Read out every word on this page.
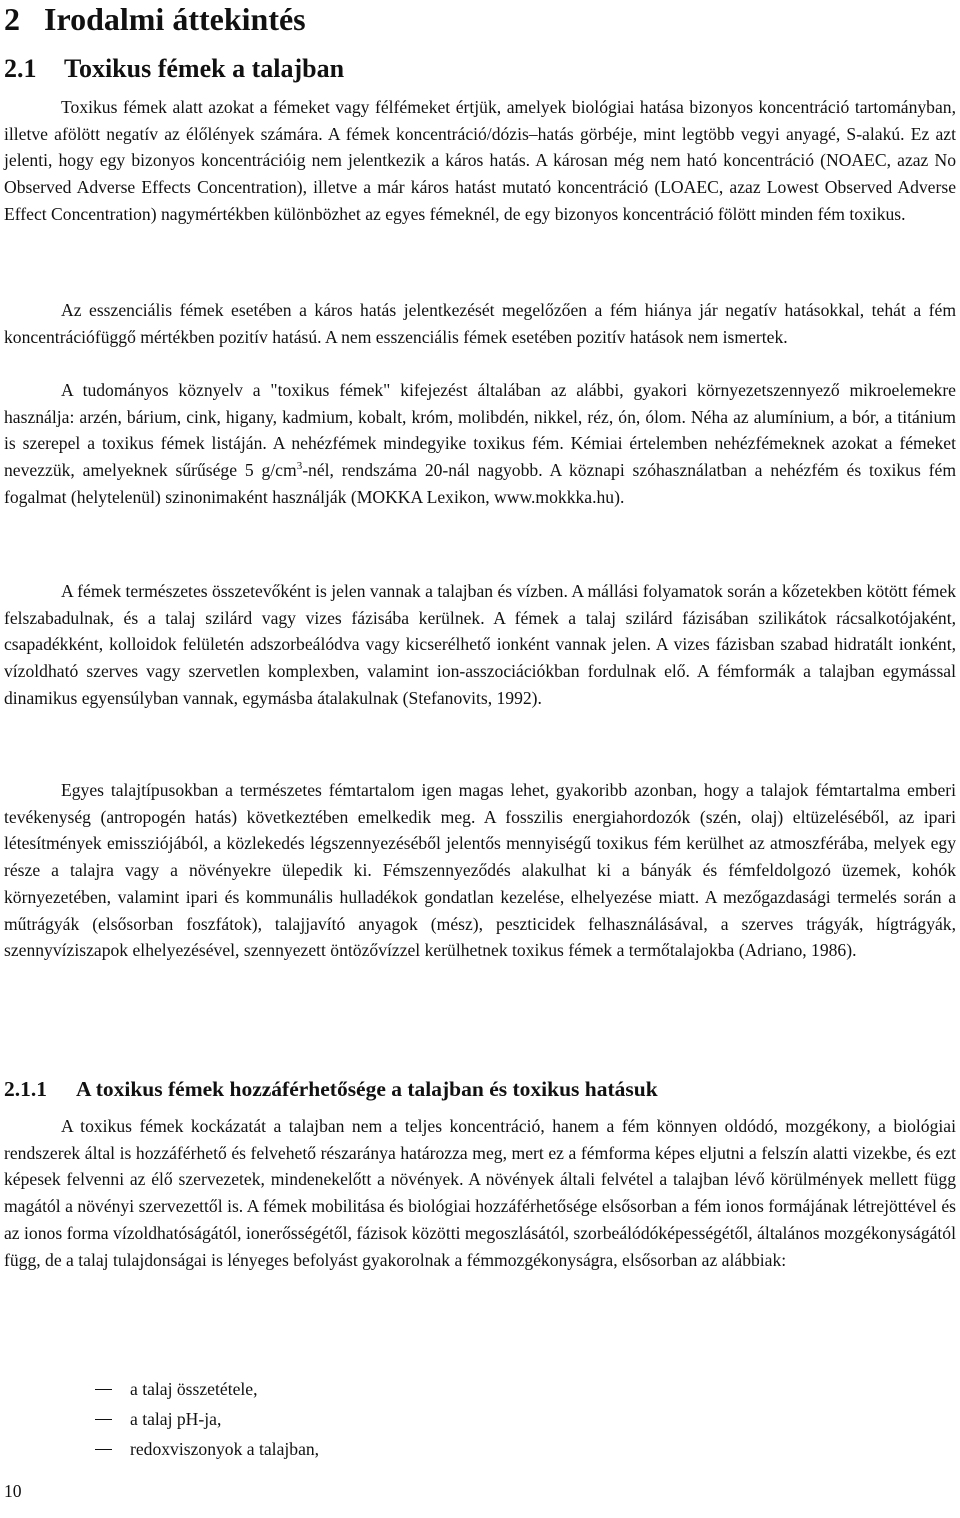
2 Irodalmi áttekintés
2.1 Toxikus fémek a talajban

Toxikus fémek alatt azokat a fémeket vagy félfémeket értjük, amelyek biológiai hatása bizonyos koncentráció tartományban, illetve afölött negatív az élőlények számára. A fémek koncentráció/dózis–hatás görbéje, mint legtöbb vegyi anyagé, S-alakú. Ez azt jelenti, hogy egy bizonyos koncentrációig nem jelentkezik a káros hatás. A károsan még nem ható koncentráció (NOAEC, azaz No Observed Adverse Effects Concentration), illetve a már káros hatást mutató koncentráció (LOAEC, azaz Lowest Observed Adverse Effect Concentration) nagymértékben különbözhet az egyes fémeknél, de egy bizonyos koncentráció fölött minden fém toxikus.

Az esszenciális fémek esetében a káros hatás jelentkezését megelőzően a fém hiánya jár negatív hatásokkal, tehát a fém koncentrációfüggő mértékben pozitív hatású. A nem esszenciális fémek esetében pozitív hatások nem ismertek.

A tudományos köznyelv a "toxikus fémek" kifejezést általában az alábbi, gyakori környezetszennyező mikroelemekre használja: arzén, bárium, cink, higany, kadmium, kobalt, króm, molibdén, nikkel, réz, ón, ólom. Néha az alumínium, a bór, a titánium is szerepel a toxikus fémek listáján. A nehézfémek mindegyike toxikus fém. Kémiai értelemben nehézfémeknek azokat a fémeket nevezzük, amelyeknek sűrűsége 5 $g/cm^3$-nél, rendszáma 20-nál nagyobb. A köznapi szóhasználatban a nehézfém és toxikus fém fogalmat (helytelenül) szinonimaként használják (MOKKA Lexikon, www.mokkka.hu).

A fémek természetes összetevőként is jelen vannak a talajban és vízben. A mállási folyamatok során a kőzetekben kötött fémek felszabadulnak, és a talaj szilárd vagy vizes fázisába kerülnek. A fémek a talaj szilárd fázisában szilikátok rácsalkotójaként, csapadékként, kolloidok felületén adszorbeálódva vagy kicserélhető ionként vannak jelen. A vizes fázisban szabad hidratált ionként, vízoldható szerves vagy szervetlen komplexben, valamint ion-asszociációkban fordulnak elő. A fémformák a talajban egymással dinamikus egyensúlyban vannak, egymásba átalakulnak (Stefanovits, 1992).

Egyes talajtípusokban a természetes fémtartalom igen magas lehet, gyakoribb azonban, hogy a talajok fémtartalma emberi tevékenység (antropogén hatás) következtében emelkedik meg. A fosszilis energiahordozók (szén, olaj) eltüzeléséből, az ipari létesítmények emissziójából, a közlekedés légszennyezéséből jelentős mennyiségű toxikus fém kerülhet az atmoszférába, melyek egy része a talajra vagy a növényekre ülepedik ki. Fémszennyeződés alakulhat ki a bányák és fémfeldolgozó üzemek, kohók környezetében, valamint ipari és kommunális hulladékok gondatlan kezelése, elhelyezése miatt. A mezőgazdasági termelés során a műtrágyák (elsősorban foszfátok), talajjavító anyagok (mész), peszticidek felhasználásával, a szerves trágyák, hígtrágyák, szennyvíziszapok elhelyezésével, szennyezett öntözővízzel kerülhetnek toxikus fémek a termőtalajokba (Adriano, 1986).

2.1.1 A toxikus fémek hozzáférhetősége a talajban és toxikus hatásuk

A toxikus fémek kockázatát a talajban nem a teljes koncentráció, hanem a fém könnyen oldódó, mozgékony, a biológiai rendszerek által is hozzáférhető és felvehető részaránya határozza meg, mert ez a fémforma képes eljutni a felszín alatti vizekbe, és ezt képesek felvenni az élő szervezetek, mindenekelőtt a növények. A növények általi felvétel a talajban lévő körülmények mellett függ magától a növényi szervezettől is. A fémek mobilitása és biológiai hozzáférhetősége elsősorban a fém ionos formájának létrejöttével és az ionos forma vízoldhatóságától, ionerősségétől, fázisok közötti megoszlásától, szorbeálódóképességétől, általános mozgékonyságától függ, de a talaj tulajdonságai is lényeges befolyást gyakorolnak a fémmozgékonyságra, elsősorban az alábbiak:

a talaj összetétele,
a talaj pH-ja,
redoxviszonyok a talajban,
10
